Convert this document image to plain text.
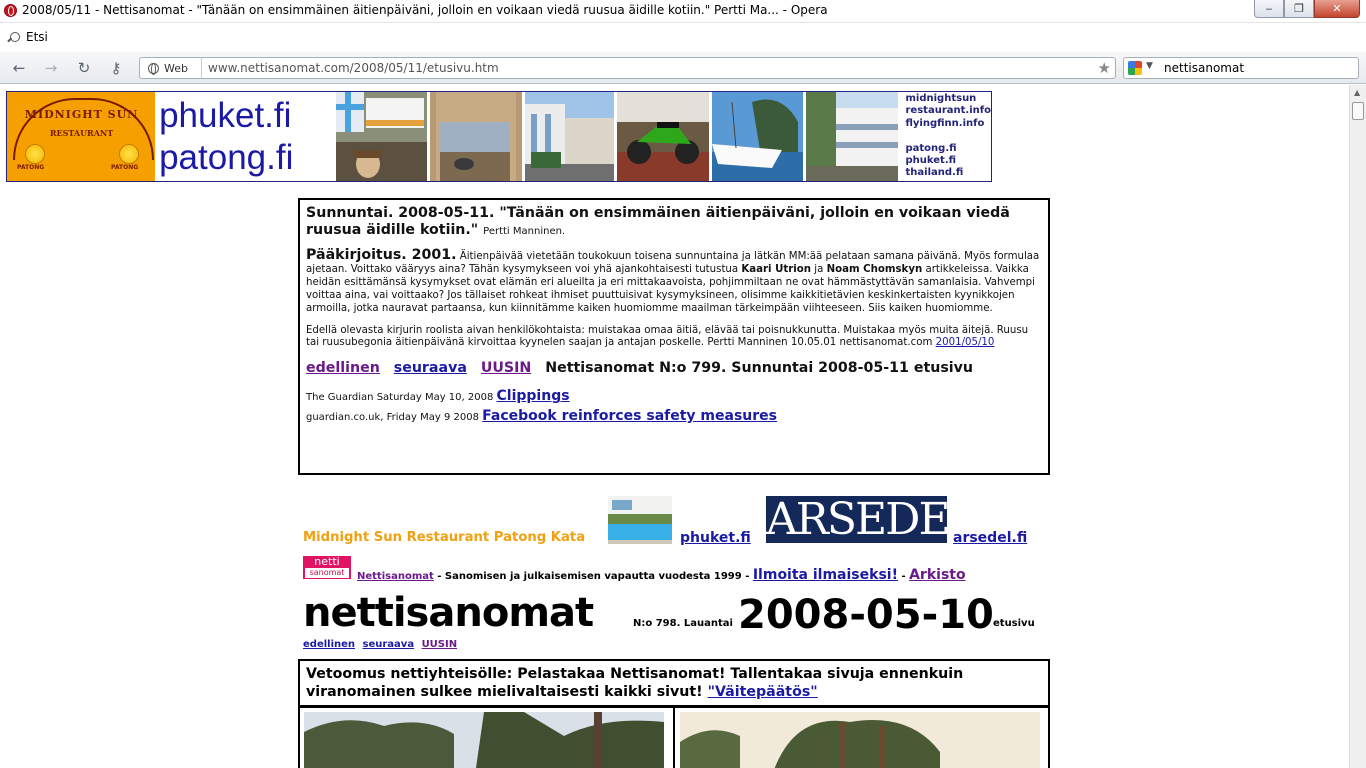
2008/05/11 - Nettisanomat - "Tänään on ensimmäinen äitienpäiväni, jolloin en voikaan viedä ruusua äidille kotiin." Pertti Ma... - Opera	‒	❐	✕
Etsi
←	→	↻	⚷	Web www.nettisanomat.com/2008/05/11/etusivu.htm	★	▼ nettisanomat
MIDNIGHT SUN
RESTAURANT
PATONG	PATONG
phuket.fi
patong.fi
midnightsun
restaurant.info
flyingfinn.info

patong.fi
phuket.fi
thailand.fi
Sunnuntai. 2008-05-11. "Tänään on ensimmäinen äitienpäiväni, jolloin en voikaan viedä ruusua äidille kotiin." Pertti Manninen.

Pääkirjoitus. 2001. Äitienpäivää vietetään toukokuun toisena sunnuntaina ja lätkän MM:ää pelataan samana päivänä. Myös formulaa ajetaan. Voittako vääryys aina? Tähän kysymykseen voi yhä ajankohtaisesti tutustua Kaari Utrion ja Noam Chomskyn artikkeleissa. Vaikka heidän esittämänsä kysymykset ovat elämän eri alueilta ja eri mittakaavoista, pohjimmiltaan ne ovat hämmästyttävän samanlaisia. Vahvempi voittaa aina, vai voittaako? Jos tällaiset rohkeat ihmiset puuttuisivat kysymyksineen, olisimme kaikkitietävien keskinkertaisten kyynikkojen armoilla, jotka nauravat partaansa, kun kiinnitämme kaiken huomiomme maailman tärkeimpään viihteeseen. Siis kaiken huomiomme.

Edellä olevasta kirjurin roolista aivan henkilökohtaista: muistakaa omaa äitiä, elävää tai poisnukkunutta. Muistakaa myös muita äitejä. Ruusu tai ruusubegonia äitienpäivänä kirvoittaa kyynelen saajan ja antajan poskelle. Pertti Manninen 10.05.01 nettisanomat.com 2001/05/10

edellinen seuraava UUSIN Nettisanomat N:o 799. Sunnuntai 2008-05-11 etusivu
The Guardian Saturday May 10, 2008 Clippings
guardian.co.uk, Friday May 9 2008 Facebook reinforces safety measures
Midnight Sun Restaurant Patong Kata	phuket.fi ARSEDEL
arsedel.fi
netti
sanomat	Nettisanomat - Sanomisen ja julkaisemisen vapautta vuodesta 1999 - Ilmoita ilmaiseksi! - Arkisto
nettisanomat	N:o 798. Lauantai 2008-05-10 etusivu
edellinen seuraava UUSIN
Vetoomus nettiyhteisölle: Pelastakaa Nettisanomat! Tallentakaa sivuja ennenkuin viranomainen sulkee mielivaltaisesti kaikki sivut! "Väitepäätös"
▲
